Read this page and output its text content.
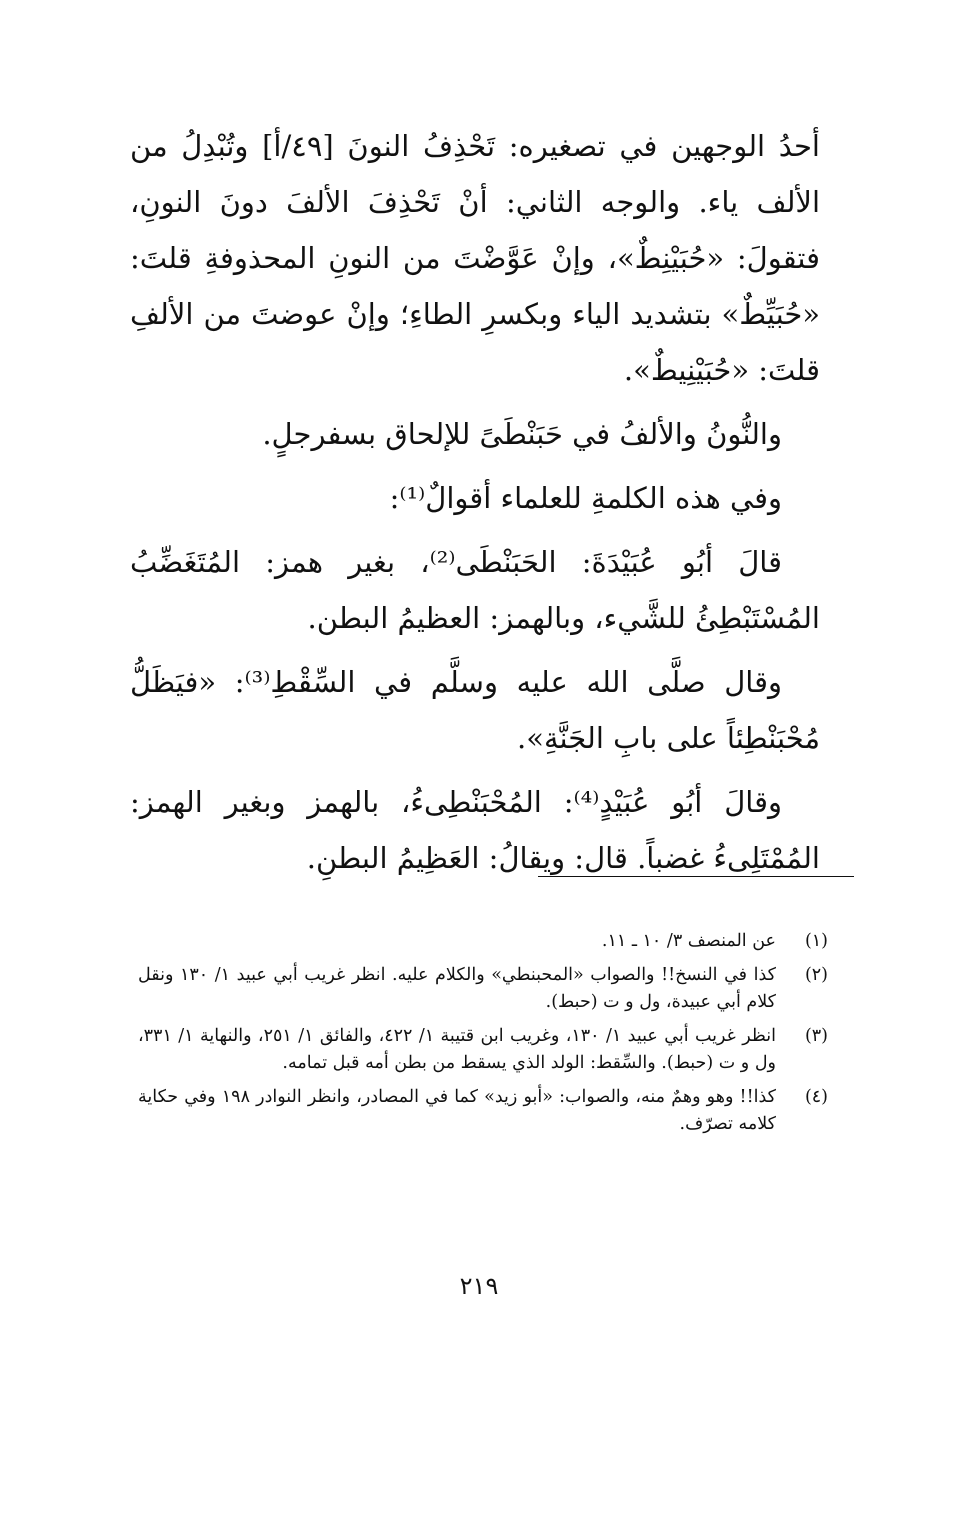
أحدُ الوجهين في تصغيره: تَحْذِفُ النونَ [٤٩/أ] وتُبْدِلُ من الألف ياء. والوجه الثاني: أنْ تَحْذِفَ الألفَ دونَ النونِ، فتقولَ: «حُبَيْنِطٌ»، وإنْ عَوَّضْتَ من النونِ المحذوفةِ قلتَ: «حُبَيِّطٌ» بتشديد الياء وبكسرِ الطاءِ؛ وإنْ عوضتَ من الألفِ قلتَ: «حُبَيْنِيطٌ».

والنُّونُ والألفُ في حَبَنْطَىً للإلحاق بسفرجلٍ.

وفي هذه الكلمةِ للعلماء أقوالٌ⁽¹⁾:

قالَ أبُو عُبَيْدَةَ: الحَبَنْطَى⁽²⁾، بغير همز: المُتَغَضِّبُ المُسْتَبْطِئُ للشَّيء، وبالهمز: العظيمُ البطن.

وقال صلَّى الله عليه وسلَّم في السِّقْطِ⁽³⁾: «فيَظَلُّ مُحْبَنْطِئاً على بابِ الجَنَّةِ».

وقالَ أبُو عُبَيْدٍ⁽⁴⁾: المُحْبَنْطِىءُ، بالهمز وبغير الهمز: المُمْتَلِىءُ غضباً. قال: ويقالُ: العَظِيمُ البطنِ.

(١)
عن المنصف ٣/ ١٠ ـ ١١.
(٢)
كذا في النسخ!! والصواب «المحبنطي» والكلام عليه. انظر غريب أبي عبيد ١/ ١٣٠ ونقل كلام أبي عبيدة، ول و ت (حبط).
(٣)
انظر غريب أبي عبيد ١/ ١٣٠، وغريب ابن قتيبة ١/ ٤٢٢، والفائق ١/ ٢٥١، والنهاية ١/ ٣٣١، ول و ت (حبط). والسِّقط: الولد الذي يسقط من بطن أمه قبل تمامه.
(٤)
كذا!! وهو وهمٌ منه، والصواب: «أبو زيد» كما في المصادر، وانظر النوادر ١٩٨ وفي حكاية كلامه تصرّف.
٢١٩
